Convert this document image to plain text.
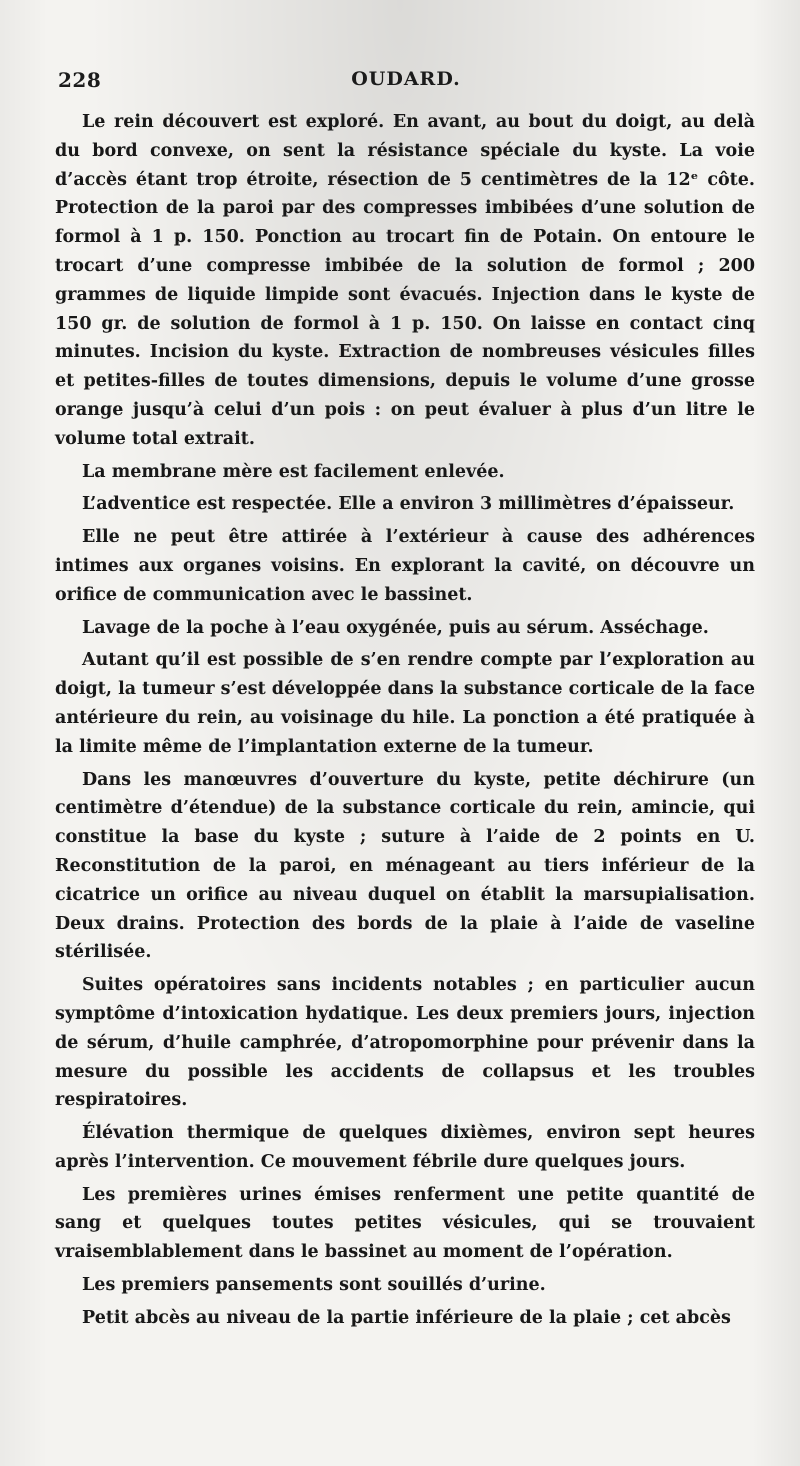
228	OUDARD.

Le rein découvert est exploré. En avant, au bout du doigt, au delà du bord convexe, on sent la résistance spéciale du kyste. La voie d’accès étant trop étroite, résection de 5 centimètres de la 12ᵉ côte. Protection de la paroi par des compresses imbibées d’une solution de formol à 1 p. 150. Ponction au trocart fin de Potain. On entoure le trocart d’une compresse imbibée de la solution de formol ; 200 grammes de liquide limpide sont évacués. Injection dans le kyste de 150 gr. de solution de formol à 1 p. 150. On laisse en contact cinq minutes. Incision du kyste. Extraction de nombreuses vésicules filles et petites-filles de toutes dimensions, depuis le volume d’une grosse orange jusqu’à celui d’un pois : on peut évaluer à plus d’un litre le volume total extrait.

La membrane mère est facilement enlevée.

L’adventice est respectée. Elle a environ 3 millimètres d’épaisseur.

Elle ne peut être attirée à l’extérieur à cause des adhérences intimes aux organes voisins. En explorant la cavité, on découvre un orifice de communication avec le bassinet.

Lavage de la poche à l’eau oxygénée, puis au sérum. Asséchage.

Autant qu’il est possible de s’en rendre compte par l’exploration au doigt, la tumeur s’est développée dans la substance corticale de la face antérieure du rein, au voisinage du hile. La ponction a été pratiquée à la limite même de l’implantation externe de la tumeur.

Dans les manœuvres d’ouverture du kyste, petite déchirure (un centimètre d’étendue) de la substance corticale du rein, amincie, qui constitue la base du kyste ; suture à l’aide de 2 points en U. Reconstitution de la paroi, en ménageant au tiers inférieur de la cicatrice un orifice au niveau duquel on établit la marsupialisation. Deux drains. Protection des bords de la plaie à l’aide de vaseline stérilisée.

Suites opératoires sans incidents notables ; en particulier aucun symptôme d’intoxication hydatique. Les deux premiers jours, injection de sérum, d’huile camphrée, d’atropomorphine pour prévenir dans la mesure du possible les accidents de collapsus et les troubles respiratoires.

Élévation thermique de quelques dixièmes, environ sept heures après l’intervention. Ce mouvement fébrile dure quelques jours.

Les premières urines émises renferment une petite quantité de sang et quelques toutes petites vésicules, qui se trouvaient vraisemblablement dans le bassinet au moment de l’opération.

Les premiers pansements sont souillés d’urine.

Petit abcès au niveau de la partie inférieure de la plaie ; cet abcès
